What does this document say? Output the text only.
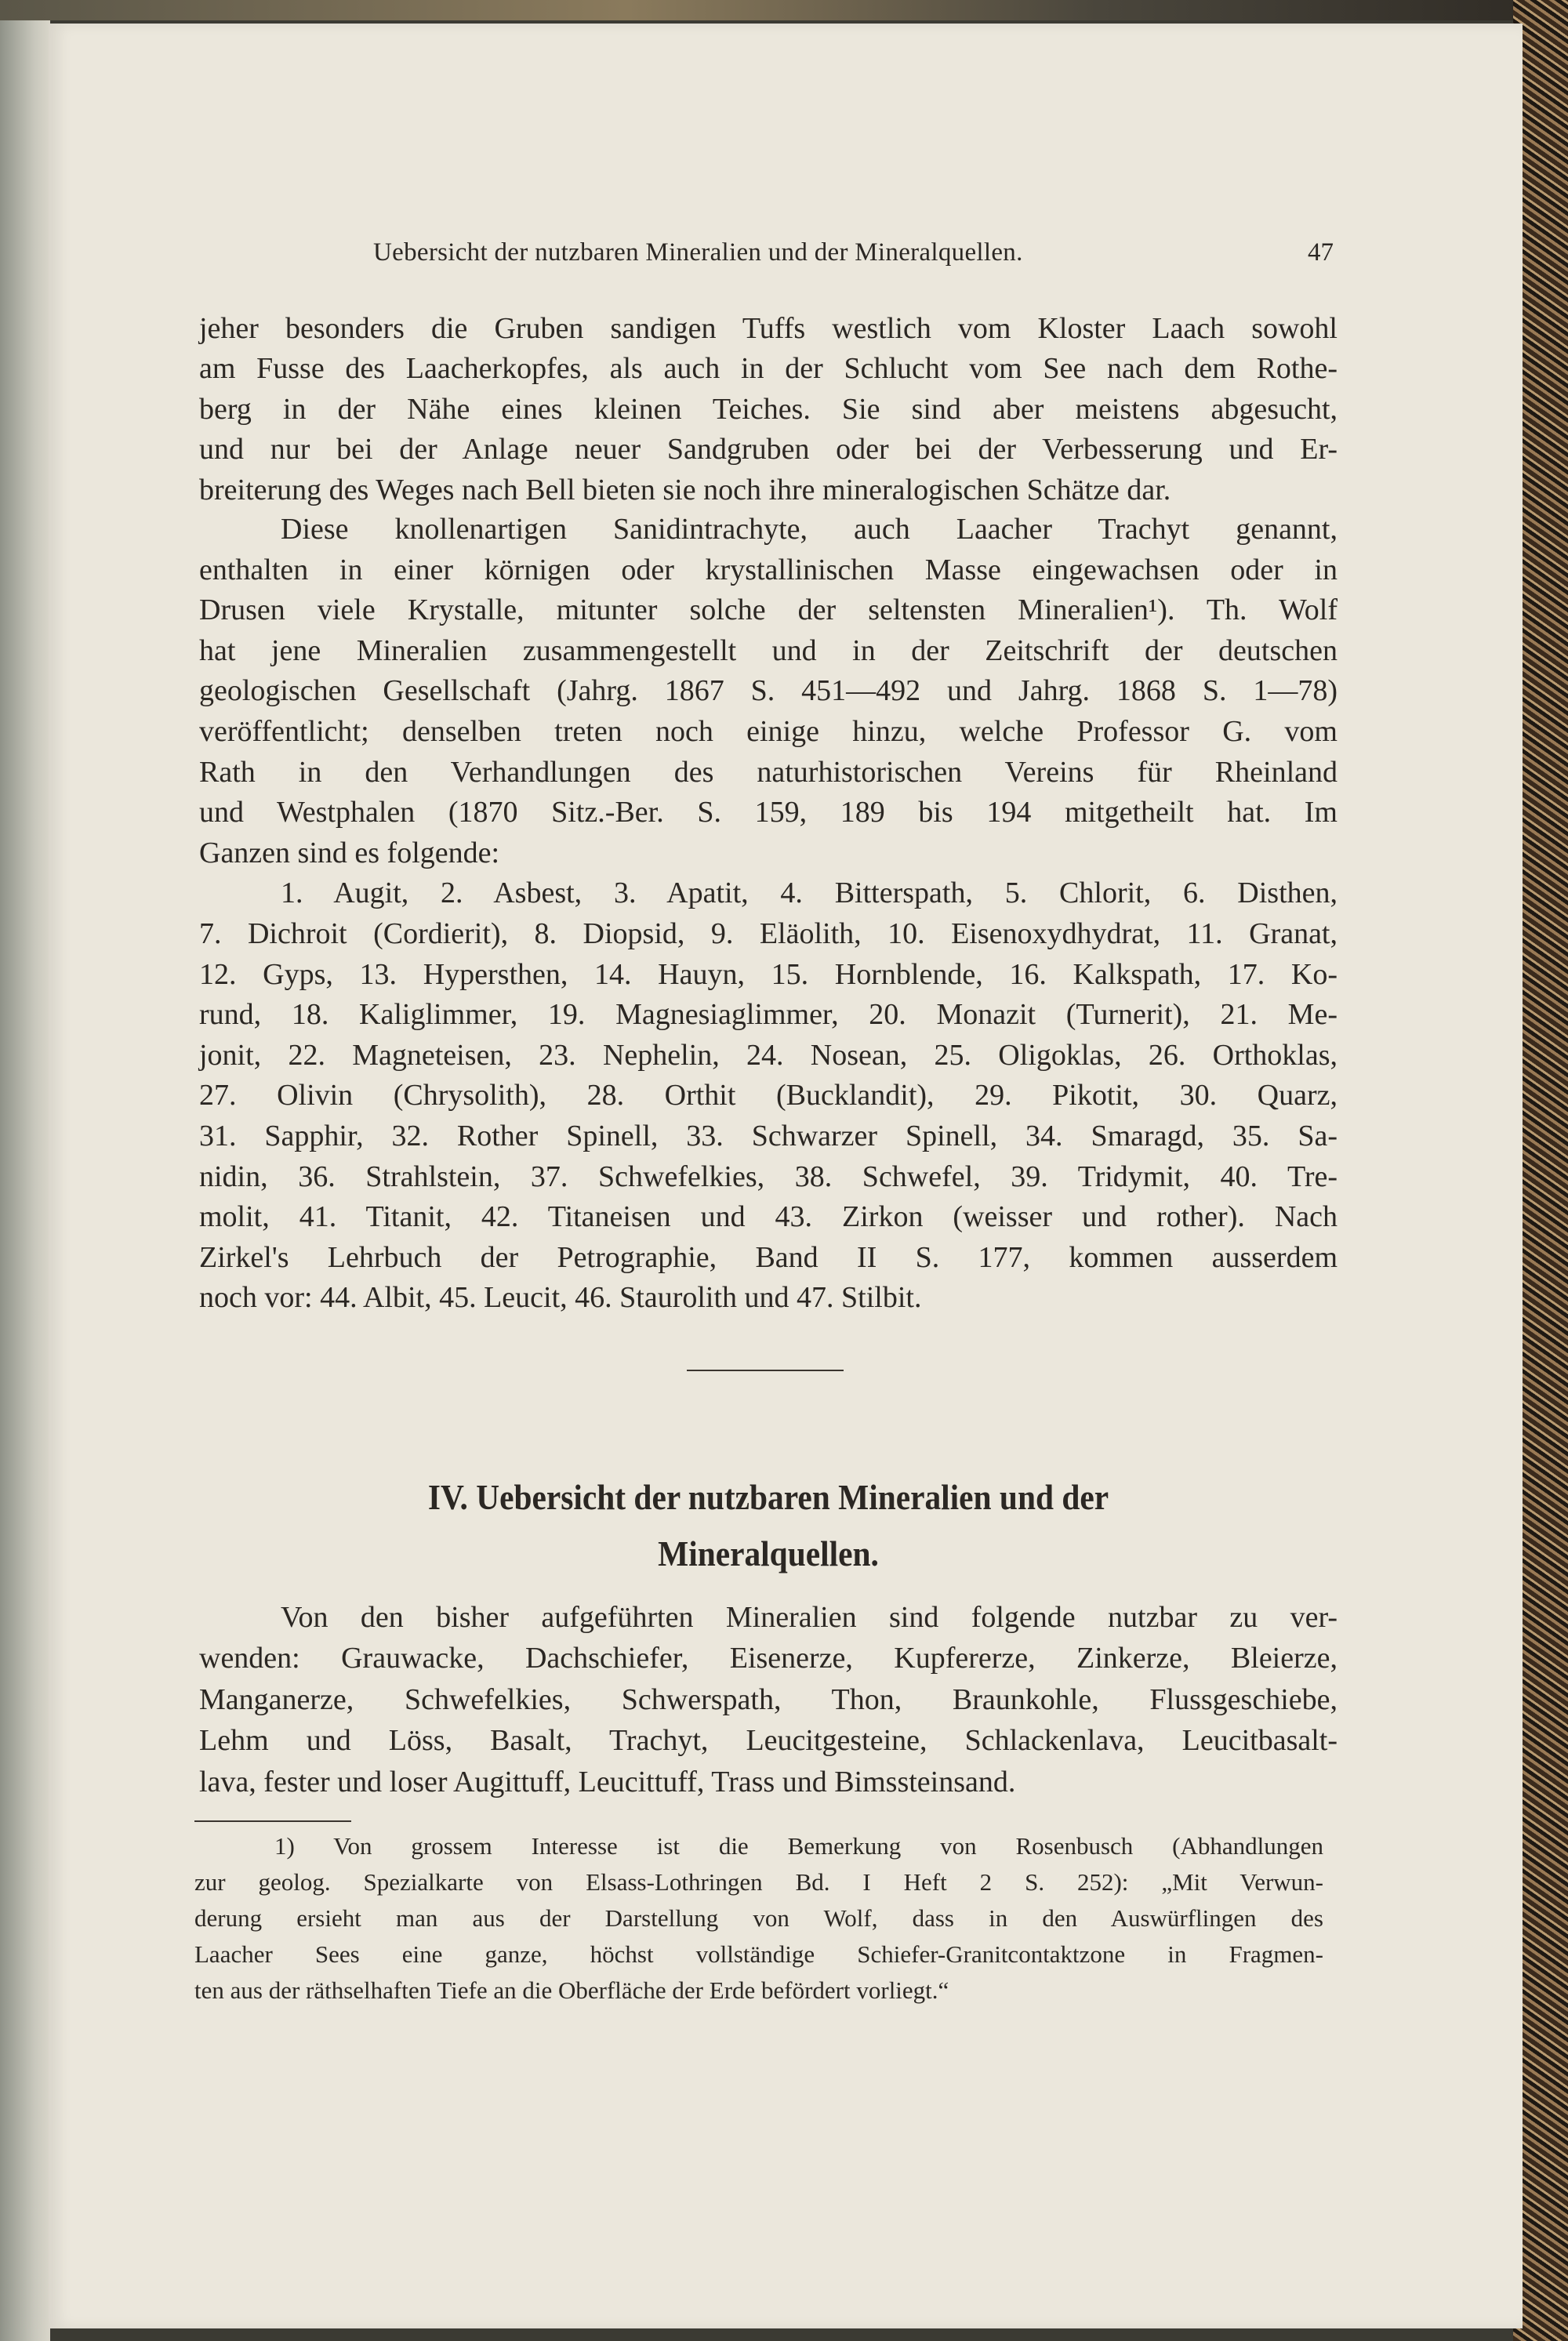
Uebersicht der nutzbaren Mineralien und der Mineralquellen.	47
jeher besonders die Gruben sandigen Tuffs westlich vom Kloster Laach sowohl
am Fusse des Laacherkopfes, als auch in der Schlucht vom See nach dem Rothe-
berg in der Nähe eines kleinen Teiches. Sie sind aber meistens abgesucht,
und nur bei der Anlage neuer Sandgruben oder bei der Verbesserung und Er-
breiterung des Weges nach Bell bieten sie noch ihre mineralogischen Schätze dar.
Diese knollenartigen Sanidintrachyte, auch Laacher Trachyt genannt,
enthalten in einer körnigen oder krystallinischen Masse eingewachsen oder in
Drusen viele Krystalle, mitunter solche der seltensten Mineralien¹). Th. Wolf
hat jene Mineralien zusammengestellt und in der Zeitschrift der deutschen
geologischen Gesellschaft (Jahrg. 1867 S. 451—492 und Jahrg. 1868 S. 1—78)
veröffentlicht; denselben treten noch einige hinzu, welche Professor G. vom
Rath in den Verhandlungen des naturhistorischen Vereins für Rheinland
und Westphalen (1870 Sitz.-Ber. S. 159, 189 bis 194 mitgetheilt hat. Im
Ganzen sind es folgende:
1. Augit, 2. Asbest, 3. Apatit, 4. Bitterspath, 5. Chlorit, 6. Disthen,
7. Dichroit (Cordierit), 8. Diopsid, 9. Eläolith, 10. Eisenoxydhydrat, 11. Granat,
12. Gyps, 13. Hypersthen, 14. Hauyn, 15. Hornblende, 16. Kalkspath, 17. Ko-
rund, 18. Kaliglimmer, 19. Magnesiaglimmer, 20. Monazit (Turnerit), 21. Me-
jonit, 22. Magneteisen, 23. Nephelin, 24. Nosean, 25. Oligoklas, 26. Orthoklas,
27. Olivin (Chrysolith), 28. Orthit (Bucklandit), 29. Pikotit, 30. Quarz,
31. Sapphir, 32. Rother Spinell, 33. Schwarzer Spinell, 34. Smaragd, 35. Sa-
nidin, 36. Strahlstein, 37. Schwefelkies, 38. Schwefel, 39. Tridymit, 40. Tre-
molit, 41. Titanit, 42. Titaneisen und 43. Zirkon (weisser und rother). Nach
Zirkel's Lehrbuch der Petrographie, Band II S. 177, kommen ausserdem
noch vor: 44. Albit, 45. Leucit, 46. Staurolith und 47. Stilbit.
Von den bisher aufgeführten Mineralien sind folgende nutzbar zu ver-
wenden: Grauwacke, Dachschiefer, Eisenerze, Kupfererze, Zinkerze, Bleierze,
Manganerze, Schwefelkies, Schwerspath, Thon, Braunkohle, Flussgeschiebe,
Lehm und Löss, Basalt, Trachyt, Leucitgesteine, Schlackenlava, Leucitbasalt-
lava, fester und loser Augittuff, Leucittuff, Trass und Bimssteinsand.
1) Von grossem Interesse ist die Bemerkung von Rosenbusch (Abhandlungen
zur geolog. Spezialkarte von Elsass-Lothringen Bd. I Heft 2 S. 252): „Mit Verwun-
derung ersieht man aus der Darstellung von Wolf, dass in den Auswürflingen des
Laacher Sees eine ganze, höchst vollständige Schiefer-Granitcontaktzone in Fragmen-
ten aus der räthselhaften Tiefe an die Oberfläche der Erde befördert vorliegt.“
IV. Uebersicht der nutzbaren Mineralien und der
Mineralquellen.
